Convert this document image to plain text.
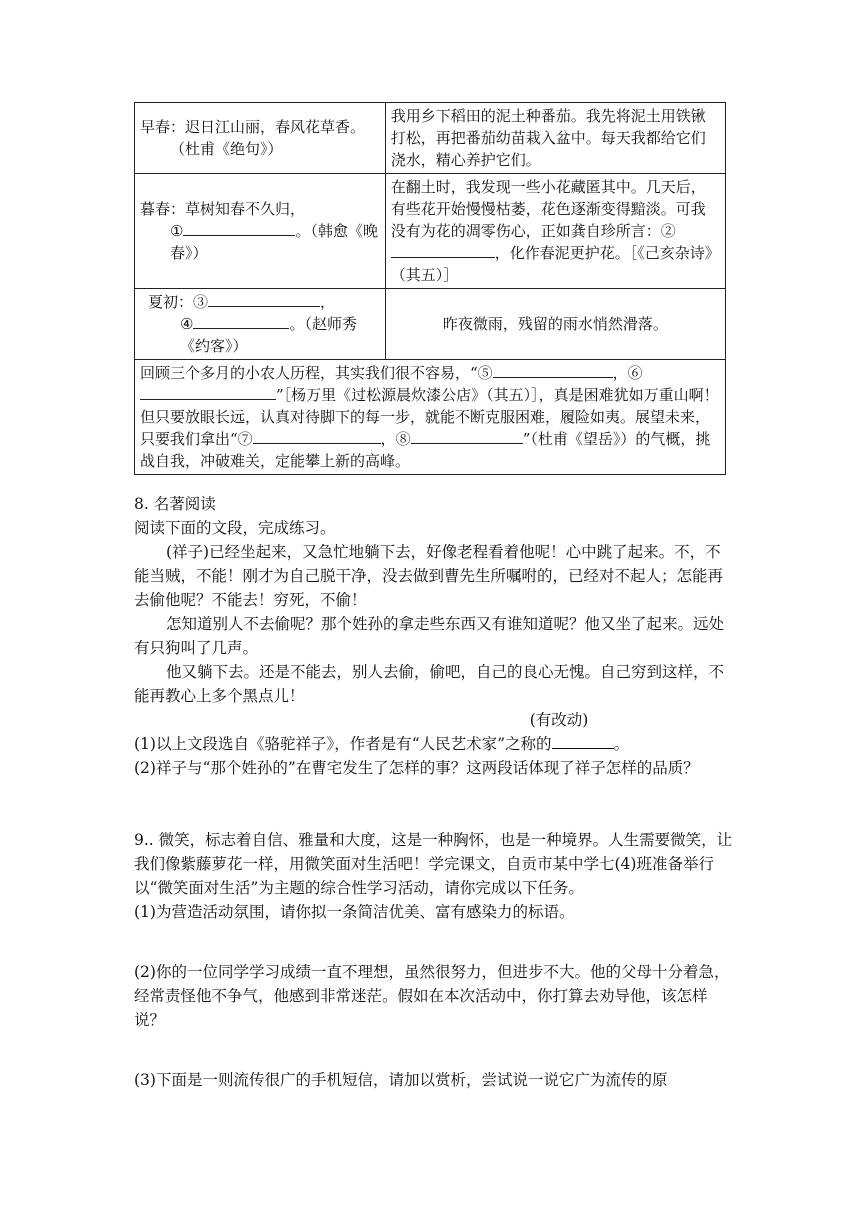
早春：迟日江山丽，春风花草香。
（杜甫《绝句》）	我用乡下稻田的泥土种番茄。我先将泥土用铁锹打松，再把番茄幼苗栽入盆中。每天我都给它们浇水，精心养护它们。

暮春：草树知春不久归，
① 。（韩愈《晚春》）	在翻土时，我发现一些小花藏匿其中。几天后，有些花开始慢慢枯萎，花色逐渐变得黯淡。可我没有为花的凋零伤心，正如龚自珍所言：②，化作春泥更护花。［《己亥杂诗》（其五）］

夏初：③ ，
④ 。（赵师秀《约客》）	昨夜微雨，残留的雨水悄然滑落。
回顾三个多月的小农人历程，其实我们很不容易，“⑤ ，⑥”［杨万里《过松源晨炊漆公店》（其五）］，真是困难犹如万重山啊！但只要放眼长远，认真对待脚下的每一步，就能不断克服困难，履险如夷。展望未来，只要我们拿出“⑦ ，⑧ ”（杜甫《望岳》）的气概，挑战自我，冲破难关，定能攀上新的高峰。	

8. 名著阅读

阅读下面的文段，完成练习。

(祥子)已经坐起来，又急忙地躺下去，好像老程看着他呢！心中跳了起来。不，不能当贼，不能！刚才为自己脱干净，没去做到曹先生所嘱咐的，已经对不起人；怎能再去偷他呢？不能去！穷死，不偷！

怎知道别人不去偷呢？那个姓孙的拿走些东西又有谁知道呢？他又坐了起来。远处有只狗叫了几声。

他又躺下去。还是不能去，别人去偷，偷吧，自己的良心无愧。自己穷到这样，不能再教心上多个黑点儿！

(有改动)

(1)以上文段选自《骆驼祥子》，作者是有“人民艺术家”之称的	。

(2)祥子与“那个姓孙的”在曹宅发生了怎样的事？这两段话体现了祥子怎样的品质？

9.. 微笑，标志着自信、雅量和大度，这是一种胸怀，也是一种境界。人生需要微笑，让我们像紫藤萝花一样，用微笑面对生活吧！学完课文，自贡市某中学七(4)班准备举行以“微笑面对生活”为主题的综合性学习活动，请你完成以下任务。

(1)为营造活动氛围，请你拟一条简洁优美、富有感染力的标语。

(2)你的一位同学学习成绩一直不理想，虽然很努力，但进步不大。他的父母十分着急，经常责怪他不争气，他感到非常迷茫。假如在本次活动中，你打算去劝导他，该怎样说？

(3)下面是一则流传很广的手机短信，请加以赏析，尝试说一说它广为流传的原
